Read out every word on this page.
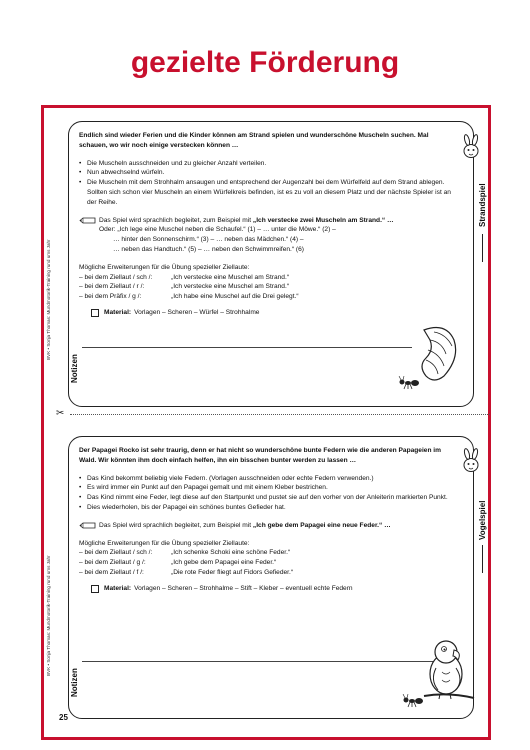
gezielte Förderung
BVK • Sonja Thomas: Mundmotorik-Training rund ums Jahr
BVK • Sonja Thomas: Mundmotorik-Training rund ums Jahr
Endlich sind wieder Ferien und die Kinder können am Strand spielen und wunderschöne Muscheln suchen. Mal schauen, wo wir noch einige verstecken können …
• Die Muscheln ausschneiden und zu gleicher Anzahl verteilen.
• Nun abwechselnd würfeln.
• Die Muscheln mit dem Strohhalm ansaugen und entsprechend der Augenzahl bei dem Würfelfeld auf dem Strand ablegen. Sollten sich schon vier Muscheln an einem Würfelkreis befinden, ist es zu voll an diesem Platz und der nächste Spieler ist an der Reihe.
Das Spiel wird sprachlich begleitet, zum Beispiel mit „Ich verstecke zwei Muscheln am Strand.“ …
Oder: „Ich lege eine Muschel neben die Schaufel.“ (1) – … unter die Möwe.“ (2) –
… hinter den Sonnenschirm.“ (3) – … neben das Mädchen.“ (4) –
… neben das Handtuch.“ (5) – … neben den Schwimmreifen.“ (6)
Mögliche Erweiterungen für die Übung spezieller Ziellaute:
– bei dem Ziellaut / sch /:	„Ich verstecke eine Muschel am Strand.“
– bei dem Ziellaut / r /:	„Ich verstecke eine Muschel am Strand.“
– bei dem Präfix / g /:	„Ich habe eine Muschel auf die Drei gelegt.“
Material: Vorlagen – Scheren – Würfel – Strohhalme
Notizen
Strandspiel
✂
Der Papagei Rocko ist sehr traurig, denn er hat nicht so wunderschöne bunte Federn wie die anderen Papageien im Wald. Wir könnten ihm doch einfach helfen, ihn ein bisschen bunter werden zu lassen …
• Das Kind bekommt beliebig viele Federn. (Vorlagen ausschneiden oder echte Federn verwenden.)
• Es wird immer ein Punkt auf den Papagei gemalt und mit einem Kleber bestrichen.
• Das Kind nimmt eine Feder, legt diese auf den Startpunkt und pustet sie auf den vorher von der Anleiterin markierten Punkt.
• Dies wiederholen, bis der Papagei ein schönes buntes Gefieder hat.
Das Spiel wird sprachlich begleitet, zum Beispiel mit „Ich gebe dem Papagei eine neue Feder.“ …
Mögliche Erweiterungen für die Übung spezieller Ziellaute:
– bei dem Ziellaut / sch /:	„Ich schenke Schoki eine schöne Feder.“
– bei dem Ziellaut / g /:	„Ich gebe dem Papagei eine Feder.“
– bei dem Ziellaut / f /:	„Die rote Feder fliegt auf Fidors Gefieder.“
Material: Vorlagen – Scheren – Strohhalme – Stift – Kleber – eventuell echte Federn
Notizen
Vogelspiel
25
